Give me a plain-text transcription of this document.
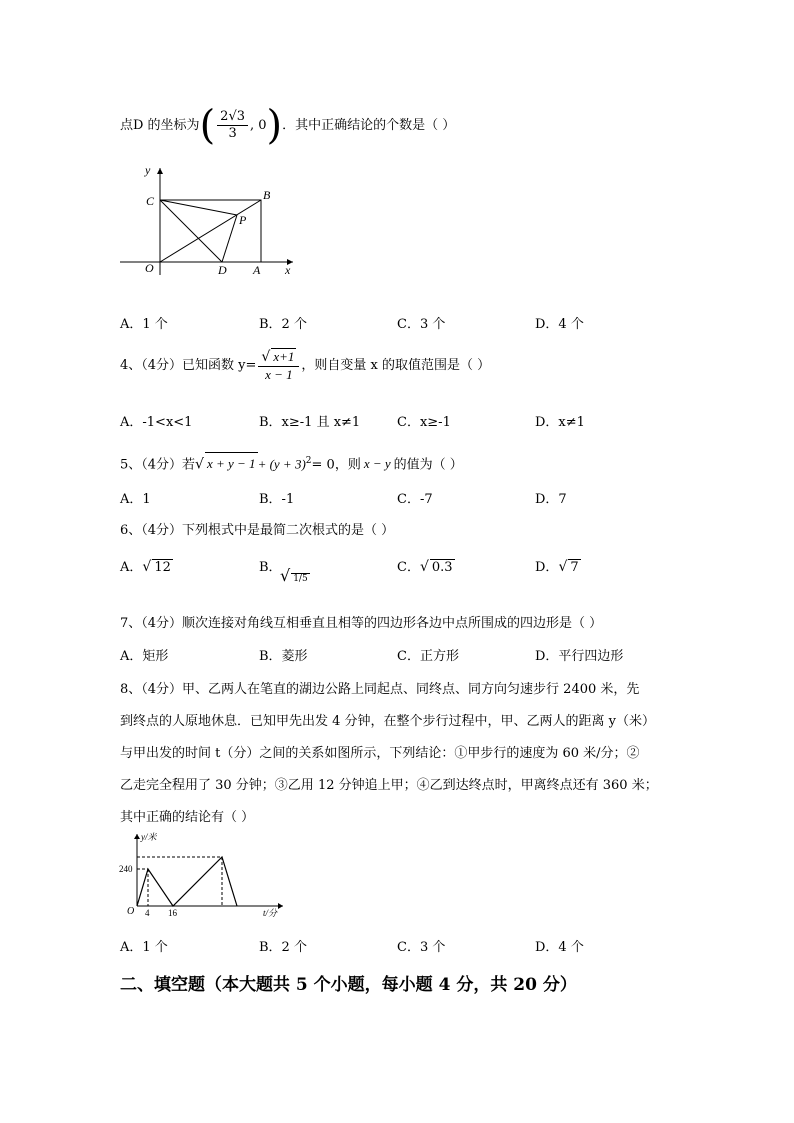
点D 的坐标为( $\frac{2√3}{3}$ , 0)．其中正确结论的个数是（ ）
y
C	B
P
O	D A x
A．1 个	B．2 个	C．3 个	D．4 个
4、（4分）已知函数 $y= \frac{√ x+1}{x - 1}$ ，则自变量 x 的取值范围是（ ）
A．-1<x<1	B．x≥-1 且 x≠1	C．x≥-1	D．x≠1
5、（4分）若√ $x + y - 1 + (y + 3)^2= 0$，则 x − y 的值为（ ）
A．1	B．-1	C．-7	D．7
6、（4分）下列根式中是最简二次根式的是（ ）
A．√ 12	B．
√ 1/5
C．√ 0.3	D．√ 7
7、（4分）顺次连接对角线互相垂直且相等的四边形各边中点所围成的四边形是（ ）
A．矩形	B．菱形	C．正方形	D．平行四边形
8、（4分）甲、乙两人在笔直的湖边公路上同起点、同终点、同方向匀速步行 2400 米，先
到终点的人原地休息．已知甲先出发 4 分钟，在整个步行过程中，甲、乙两人的距离 y（米）
与甲出发的时间 t（分）之间的关系如图所示，下列结论：①甲步行的速度为 60 米/分；②
乙走完全程用了 30 分钟；③乙用 12 分钟追上甲；④乙到达终点时，甲离终点还有 360 米；
其中正确的结论有（ ）
y/米
240
O 4 16	t/分
A．1 个	B．2 个	C．3 个	D．4 个
二、填空题（本大题共 5 个小题，每小题 4 分，共 20 分）
